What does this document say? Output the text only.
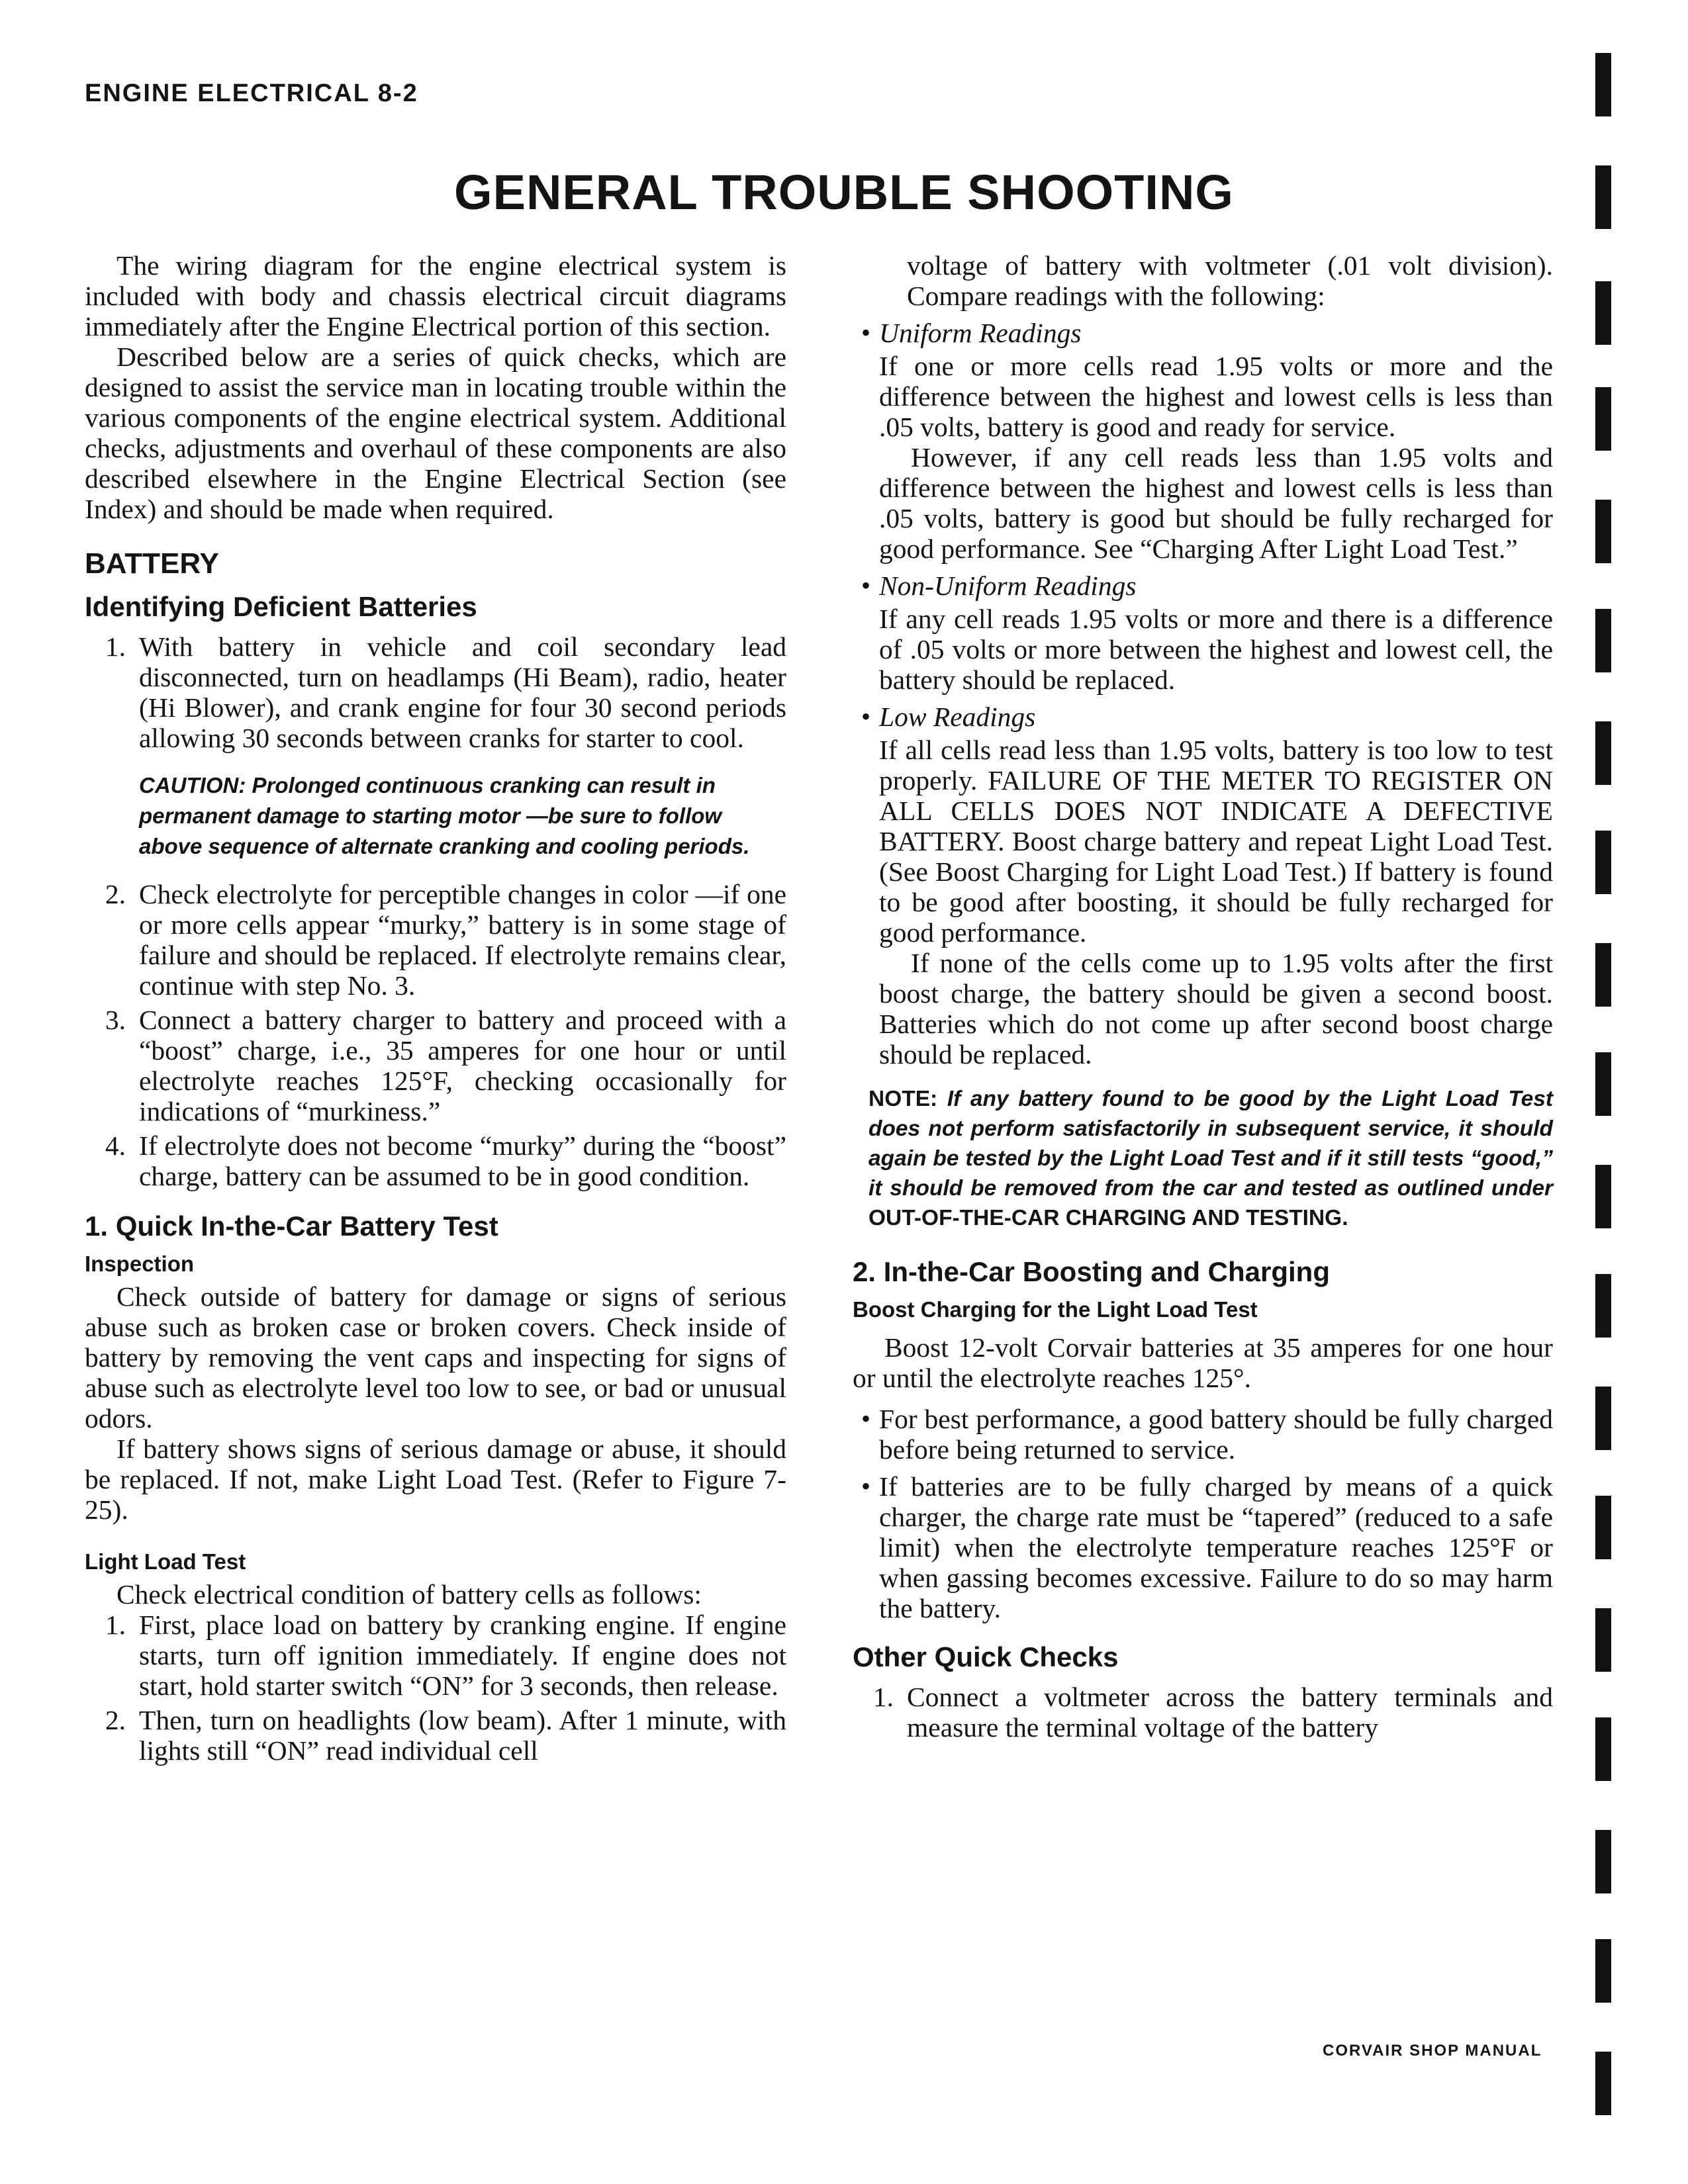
ENGINE ELECTRICAL 8-2
GENERAL TROUBLE SHOOTING

The wiring diagram for the engine electrical system is included with body and chassis electrical circuit diagrams immediately after the Engine Electrical portion of this section.

Described below are a series of quick checks, which are designed to assist the service man in locating trouble within the various components of the engine electrical system. Additional checks, adjustments and overhaul of these components are also described elsewhere in the Engine Electrical Section (see Index) and should be made when required.

BATTERY
Identifying Deficient Batteries
1. With battery in vehicle and coil secondary lead disconnected, turn on headlamps (Hi Beam), radio, heater (Hi Blower), and crank engine for four 30 second periods allowing 30 seconds between cranks for starter to cool.
CAUTION: Prolonged continuous cranking can result in permanent damage to starting motor —be sure to follow above sequence of alternate cranking and cooling periods.
2. Check electrolyte for perceptible changes in color —if one or more cells appear “murky,” battery is in some stage of failure and should be replaced. If electrolyte remains clear, continue with step No. 3.
3. Connect a battery charger to battery and proceed with a “boost” charge, i.e., 35 amperes for one hour or until electrolyte reaches 125°F, checking occasionally for indications of “murkiness.”
4. If electrolyte does not become “murky” during the “boost” charge, battery can be assumed to be in good condition.
1. Quick In-the-Car Battery Test
Inspection

Check outside of battery for damage or signs of serious abuse such as broken case or broken covers. Check inside of battery by removing the vent caps and inspecting for signs of abuse such as electrolyte level too low to see, or bad or unusual odors.

If battery shows signs of serious damage or abuse, it should be replaced. If not, make Light Load Test. (Refer to Figure 7-25).

Light Load Test

Check electrical condition of battery cells as follows:

1. First, place load on battery by cranking engine. If engine starts, turn off ignition immediately. If engine does not start, hold starter switch “ON” for 3 seconds, then release.
2. Then, turn on headlights (low beam). After 1 minute, with lights still “ON” read individual cell

voltage of battery with voltmeter (.01 volt division). Compare readings with the following:

• Uniform Readings

If one or more cells read 1.95 volts or more and the difference between the highest and lowest cells is less than .05 volts, battery is good and ready for service.

However, if any cell reads less than 1.95 volts and difference between the highest and lowest cells is less than .05 volts, battery is good but should be fully recharged for good performance. See “Charging After Light Load Test.”

• Non-Uniform Readings

If any cell reads 1.95 volts or more and there is a difference of .05 volts or more between the highest and lowest cell, the battery should be replaced.

• Low Readings

If all cells read less than 1.95 volts, battery is too low to test properly. FAILURE OF THE METER TO REGISTER ON ALL CELLS DOES NOT INDICATE A DEFECTIVE BATTERY. Boost charge battery and repeat Light Load Test. (See Boost Charging for Light Load Test.) If battery is found to be good after boosting, it should be fully recharged for good performance.

If none of the cells come up to 1.95 volts after the first boost charge, the battery should be given a second boost. Batteries which do not come up after second boost charge should be replaced.

NOTE: If any battery found to be good by the Light Load Test does not perform satisfactorily in subsequent service, it should again be tested by the Light Load Test and if it still tests “good,” it should be removed from the car and tested as outlined under OUT-OF-THE-CAR CHARGING AND TESTING.
2. In-the-Car Boosting and Charging
Boost Charging for the Light Load Test

Boost 12-volt Corvair batteries at 35 amperes for one hour or until the electrolyte reaches 125°.

• For best performance, a good battery should be fully charged before being returned to service.
• If batteries are to be fully charged by means of a quick charger, the charge rate must be “tapered” (reduced to a safe limit) when the electrolyte temperature reaches 125°F or when gassing becomes excessive. Failure to do so may harm the battery.
Other Quick Checks
1. Connect a voltmeter across the battery terminals and measure the terminal voltage of the battery
CORVAIR SHOP MANUAL
